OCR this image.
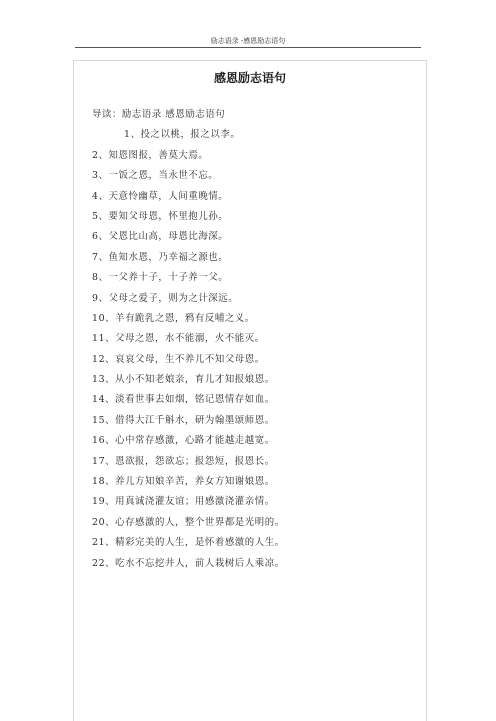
励志语录 -感恩励志语句
感恩励志语句
导读：励志语录 感恩励志语句
1、投之以桃，报之以李。
2、知恩图报，善莫大焉。
3、一饭之恩，当永世不忘。
4、天意怜幽草，人间重晚情。
5、要知父母恩，怀里抱儿孙。
6、父恩比山高，母恩比海深。
7、鱼知水恩，乃幸福之源也。
8、一父养十子，十子养一父。
9、父母之爱子，则为之计深远。
10、羊有跪乳之恩，鸦有反哺之义。
11、父母之恩，水不能溺，火不能灭。
12、哀哀父母，生不养儿不知父母恩。
13、从小不知老娘亲，育儿才知报娘恩。
14、淡看世事去如烟，铭记恩情存如血。
15、借得大江千斛水，研为翰墨颂师恩。
16、心中常存感激，心路才能越走越宽。
17、恩欲报，怨欲忘；报怨短，报恩长。
18、养儿方知娘辛苦，养女方知谢娘恩。
19、用真诚浇灌友谊；用感激浇灌亲情。
20、心存感激的人，整个世界都是光明的。
21、精彩完美的人生，是怀着感激的人生。
22、吃水不忘挖井人，前人栽树后人乘凉。
